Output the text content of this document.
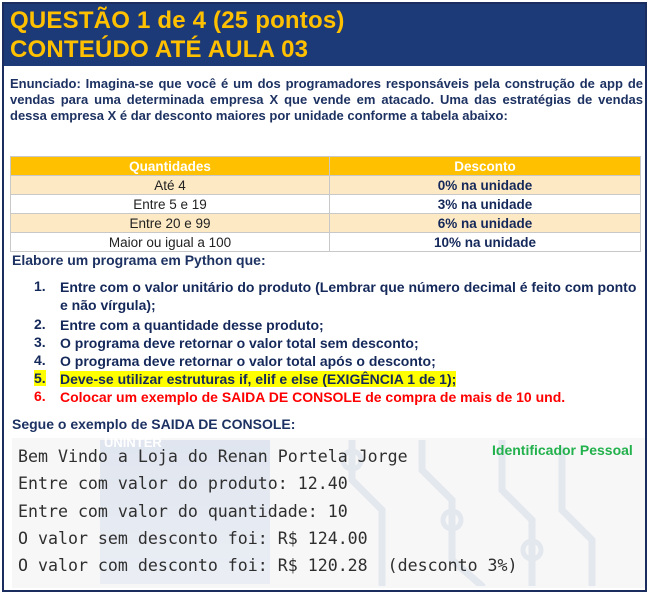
QUESTÃO 1 de 4 (25 pontos)
CONTEÚDO ATÉ AULA 03
Enunciado: Imagina-se que você é um dos programadores responsáveis pela construção de app de vendas para uma determinada empresa X que vende em atacado. Uma das estratégias de vendas dessa empresa X é dar desconto maiores por unidade conforme a tabela abaixo:
Quantidades	Desconto
Até 4	0% na unidade
Entre 5 e 19	3% na unidade
Entre 20 e 99	6% na unidade
Maior ou igual a 100	10% na unidade
Elabore um programa em Python que:
1. Entre com o valor unitário do produto (Lembrar que número decimal é feito com ponto e não vírgula);
2. Entre com a quantidade desse produto;
3. O programa deve retornar o valor total sem desconto;
4. O programa deve retornar o valor total após o desconto;
5. Deve-se utilizar estruturas if, elif e else (EXIGÊNCIA 1 de 1);
6. Colocar um exemplo de SAIDA DE CONSOLE de compra de mais de 10 und.
Segue o exemplo de SAIDA DE CONSOLE:
UNINTER	Identificador Pessoal
Bem Vindo a Loja do Renan Portela Jorge
Entre com valor do produto: 12.40
Entre com valor do quantidade: 10
O valor sem desconto foi: R$ 124.00
O valor com desconto foi: R$ 120.28  (desconto 3%)
